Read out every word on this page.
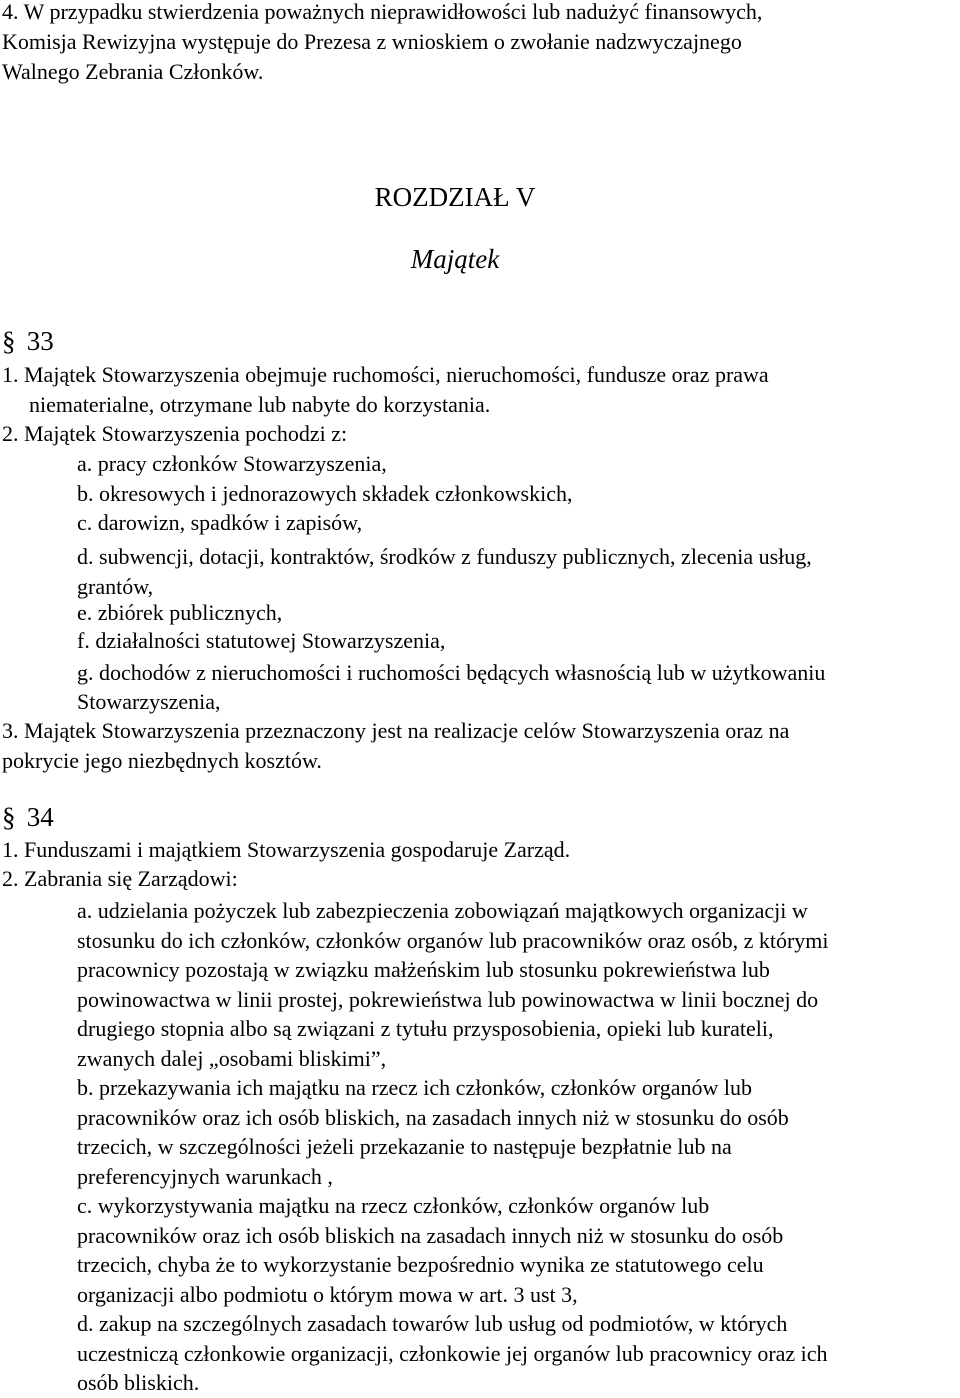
4. W przypadku stwierdzenia poważnych nieprawidłowości lub nadużyć finansowych,
Komisja Rewizyjna występuje do Prezesa z wnioskiem o zwołanie nadzwyczajnego
Walnego Zebrania Członków.
ROZDZIAŁ V
Majątek
§ 33
1. Majątek Stowarzyszenia obejmuje ruchomości, nieruchomości, fundusze oraz prawa
niematerialne, otrzymane lub nabyte do korzystania.
2. Majątek Stowarzyszenia pochodzi z:
a. pracy członków Stowarzyszenia,
b. okresowych i jednorazowych składek członkowskich,
c. darowizn, spadków i zapisów,
d. subwencji, dotacji, kontraktów, środków z funduszy publicznych, zlecenia usług,
grantów,
e. zbiórek publicznych,
f. działalności statutowej Stowarzyszenia,
g. dochodów z nieruchomości i ruchomości będących własnością lub w użytkowaniu
Stowarzyszenia,
3. Majątek Stowarzyszenia przeznaczony jest na realizacje celów Stowarzyszenia oraz na
pokrycie jego niezbędnych kosztów.
§ 34
1. Funduszami i majątkiem Stowarzyszenia gospodaruje Zarząd.
2. Zabrania się Zarządowi:
a. udzielania pożyczek lub zabezpieczenia zobowiązań majątkowych organizacji w
stosunku do ich członków, członków organów lub pracowników oraz osób, z którymi
pracownicy pozostają w związku małżeńskim lub stosunku pokrewieństwa lub
powinowactwa w linii prostej, pokrewieństwa lub powinowactwa w linii bocznej do
drugiego stopnia albo są związani z tytułu przysposobienia, opieki lub kurateli,
zwanych dalej „osobami bliskimi”,
b. przekazywania ich majątku na rzecz ich członków, członków organów lub
pracowników oraz ich osób bliskich, na zasadach innych niż w stosunku do osób
trzecich, w szczególności jeżeli przekazanie to następuje bezpłatnie lub na
preferencyjnych warunkach ,
c. wykorzystywania majątku na rzecz członków, członków organów lub
pracowników oraz ich osób bliskich na zasadach innych niż w stosunku do osób
trzecich, chyba że to wykorzystanie bezpośrednio wynika ze statutowego celu
organizacji albo podmiotu o którym mowa w art. 3 ust 3,
d. zakup na szczególnych zasadach towarów lub usług od podmiotów, w których
uczestniczą członkowie organizacji, członkowie jej organów lub pracownicy oraz ich
osób bliskich.
